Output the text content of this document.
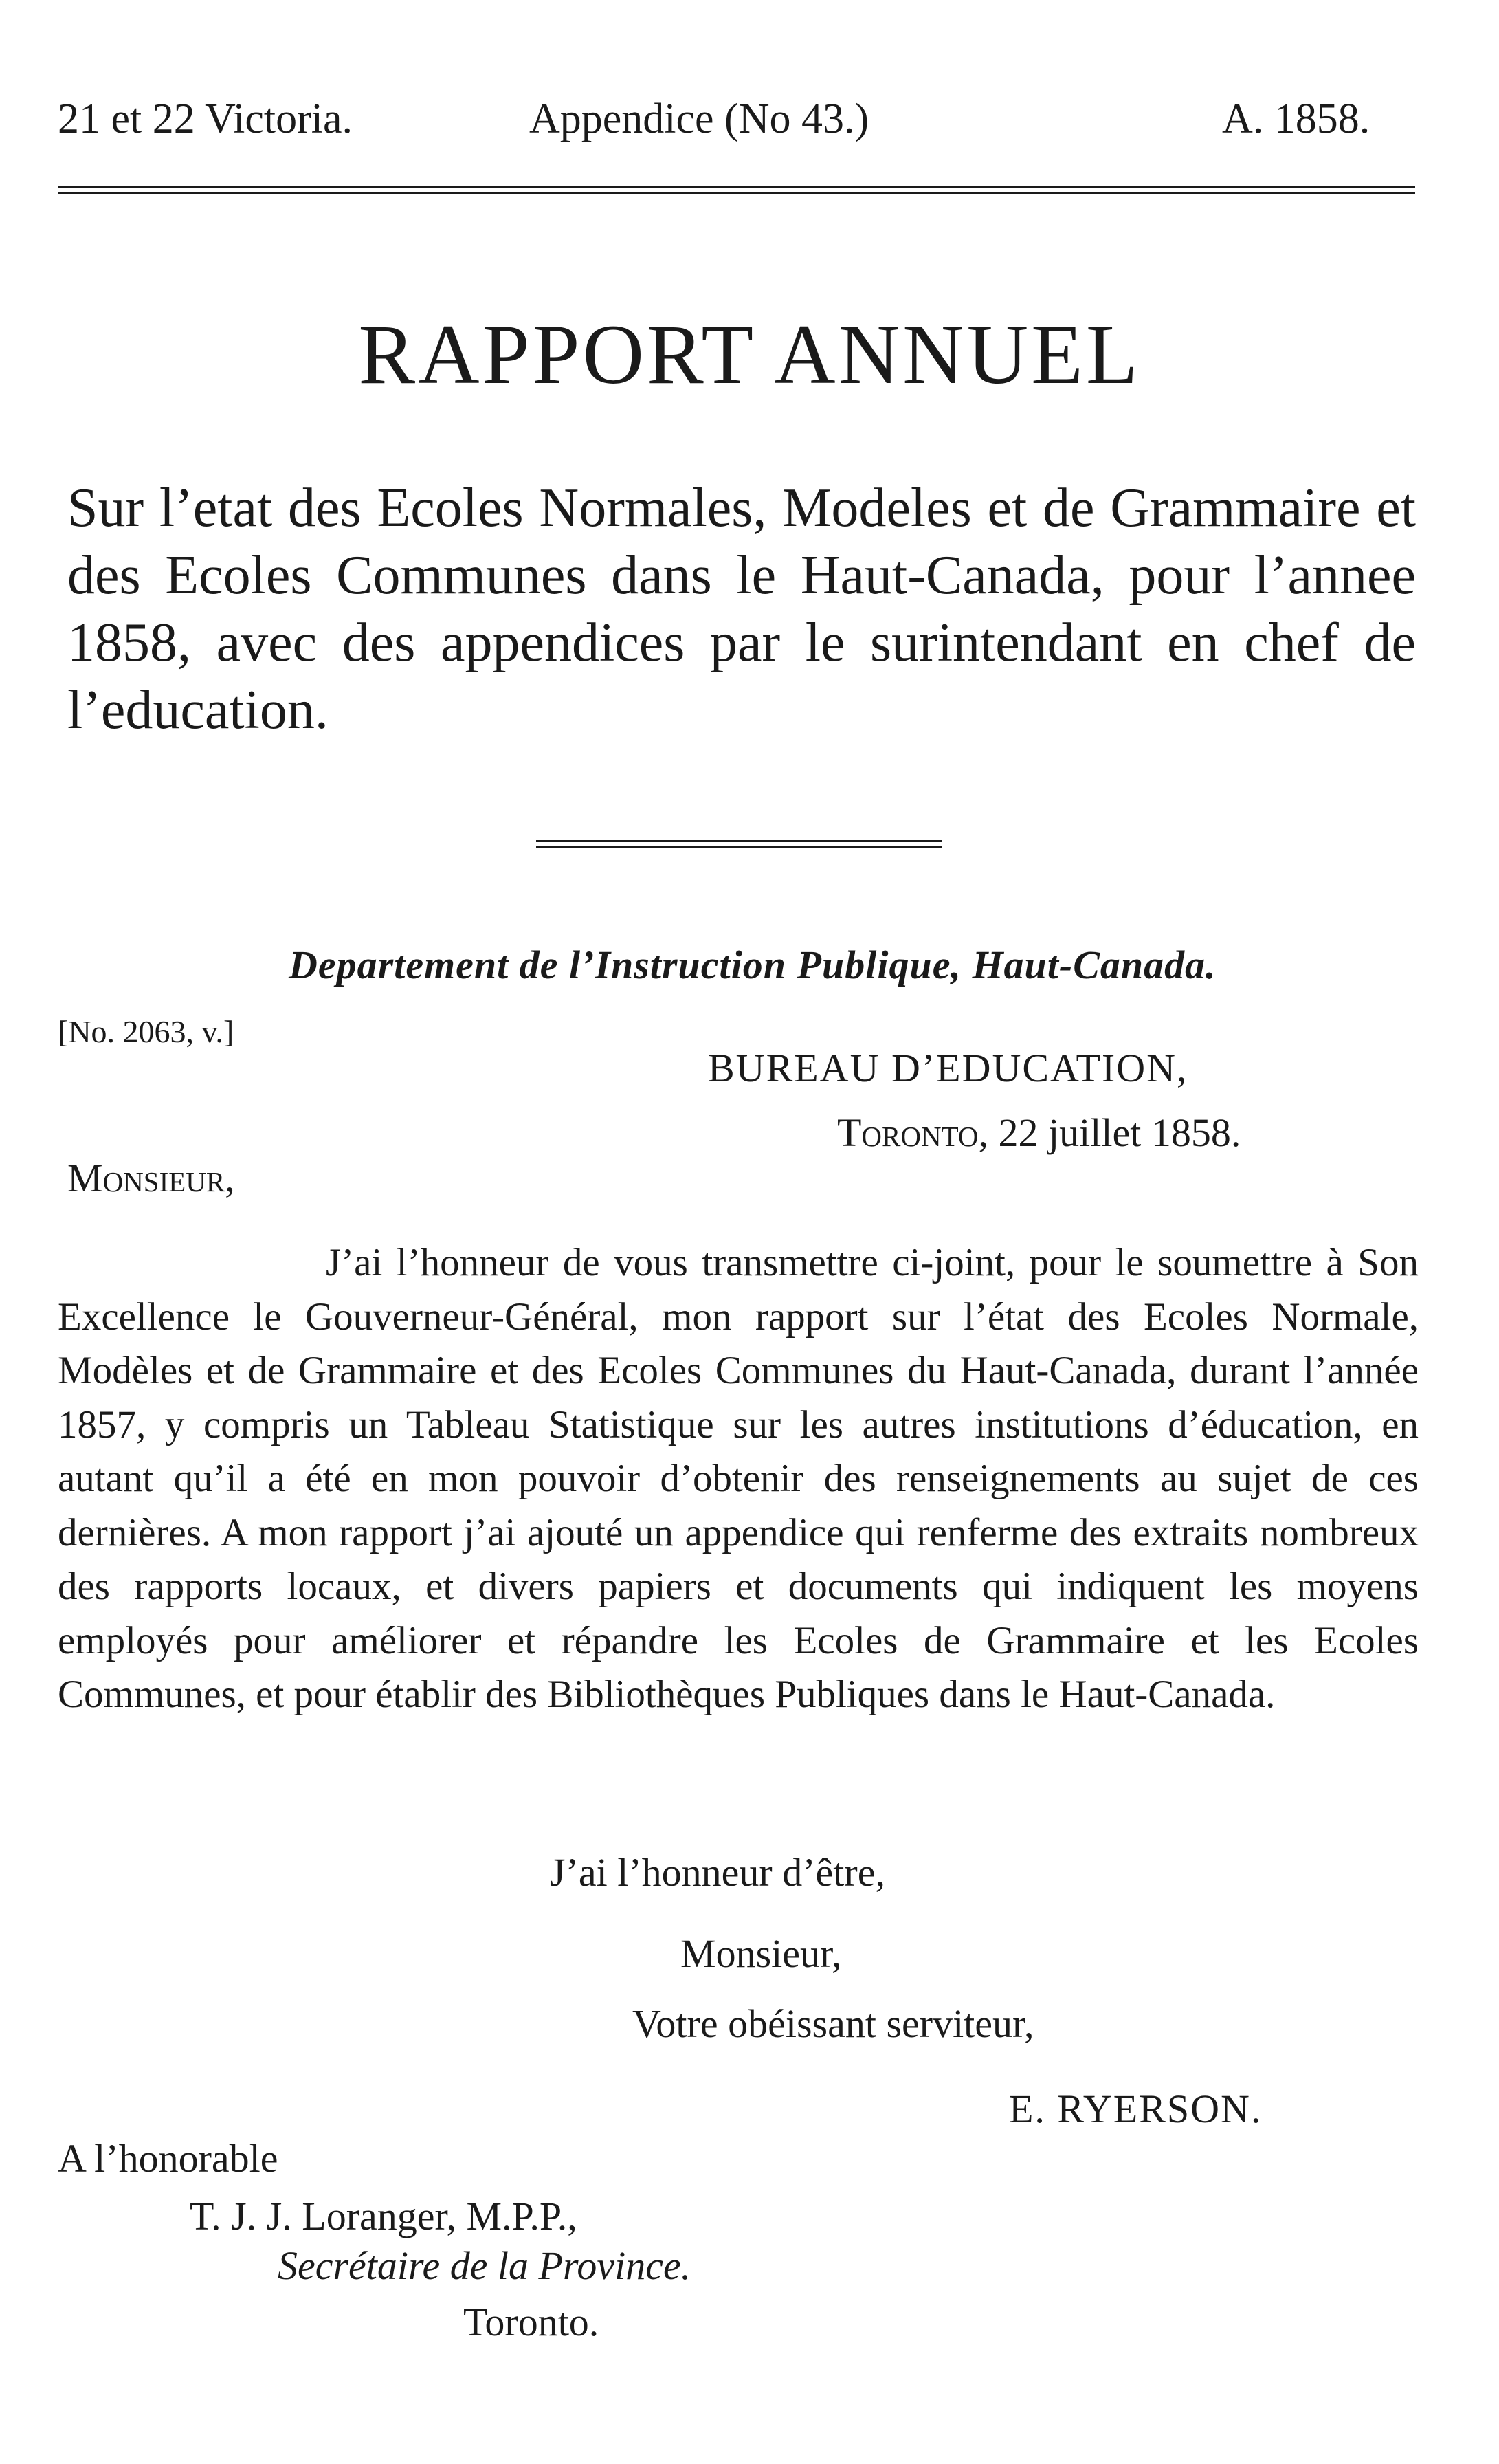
21 et 22 Victoria.	Appendice (No 43.)	A. 1858.
RAPPORT ANNUEL
Sur l’etat des Ecoles Normales, Modeles et de Grammaire et des Ecoles Communes dans le Haut-Canada, pour l’annee 1858, avec des appendices par le surintendant en chef de l’education.
Departement de l’Instruction Publique, Haut-Canada.
[No. 2063, v.]
BUREAU D’EDUCATION,
Toronto, 22 juillet 1858.
Monsieur,
J’ai l’honneur de vous transmettre ci-joint, pour le soumettre à Son Excellence le Gouverneur-Général, mon rapport sur l’état des Ecoles Normale, Modèles et de Grammaire et des Ecoles Communes du Haut-Canada, durant l’année 1857, y compris un Tableau Statistique sur les autres institutions d’éducation, en autant qu’il a été en mon pouvoir d’obtenir des renseignements au sujet de ces dernières. A mon rapport j’ai ajouté un appendice qui renferme des extraits nombreux des rapports locaux, et divers papiers et documents qui indiquent les moyens employés pour améliorer et répandre les Ecoles de Grammaire et les Ecoles Communes, et pour établir des Bibliothèques Publiques dans le Haut-Canada.
J’ai l’honneur d’être,
Monsieur,
Votre obéissant serviteur,
E. RYERSON.
A l’honorable
T. J. J. Loranger, M.P.P.,
Secrétaire de la Province.
Toronto.
